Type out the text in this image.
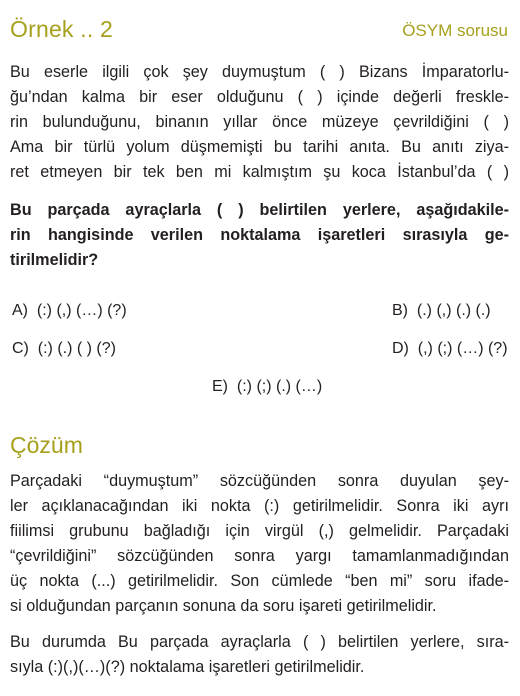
Örnek .. 2	ÖSYM sorusu
Bu eserle ilgili çok şey duymuştum ( ) Bizans İmparatorlu-
ğu’ndan kalma bir eser olduğunu ( ) içinde değerli freskle-
rin bulunduğunu, binanın yıllar önce müzeye çevrildiğini ( )
Ama bir türlü yolum düşmemişti bu tarihi anıta. Bu anıtı ziya-
ret etmeyen bir tek ben mi kalmıştım şu koca İstanbul’da ( )
Bu parçada ayraçlarla ( ) belirtilen yerlere, aşağıdakile-
rin hangisinde verilen noktalama işaretleri sırasıyla ge-
tirilmelidir?
A)  (:) (,) (…) (?)	B)  (.) (,) (.) (.)
C)  (:) (.) ( ) (?)	D)  (,) (;) (…) (?)
E)  (:) (;) (.) (…)
Çözüm
Parçadaki “duymuştum” sözcüğünden sonra duyulan şey-
ler açıklanacağından iki nokta (:) getirilmelidir. Sonra iki ayrı
fiilimsi grubunu bağladığı için virgül (,) gelmelidir. Parçadaki
“çevrildiğini” sözcüğünden sonra yargı tamamlanmadığından
üç nokta (...) getirilmelidir. Son cümlede “ben mi” soru ifade-
si olduğundan parçanın sonuna da soru işareti getirilmelidir.
Bu durumda Bu parçada ayraçlarla ( ) belirtilen yerlere, sıra-
sıyla (:)(,)(…)(?) noktalama işaretleri getirilmelidir.
